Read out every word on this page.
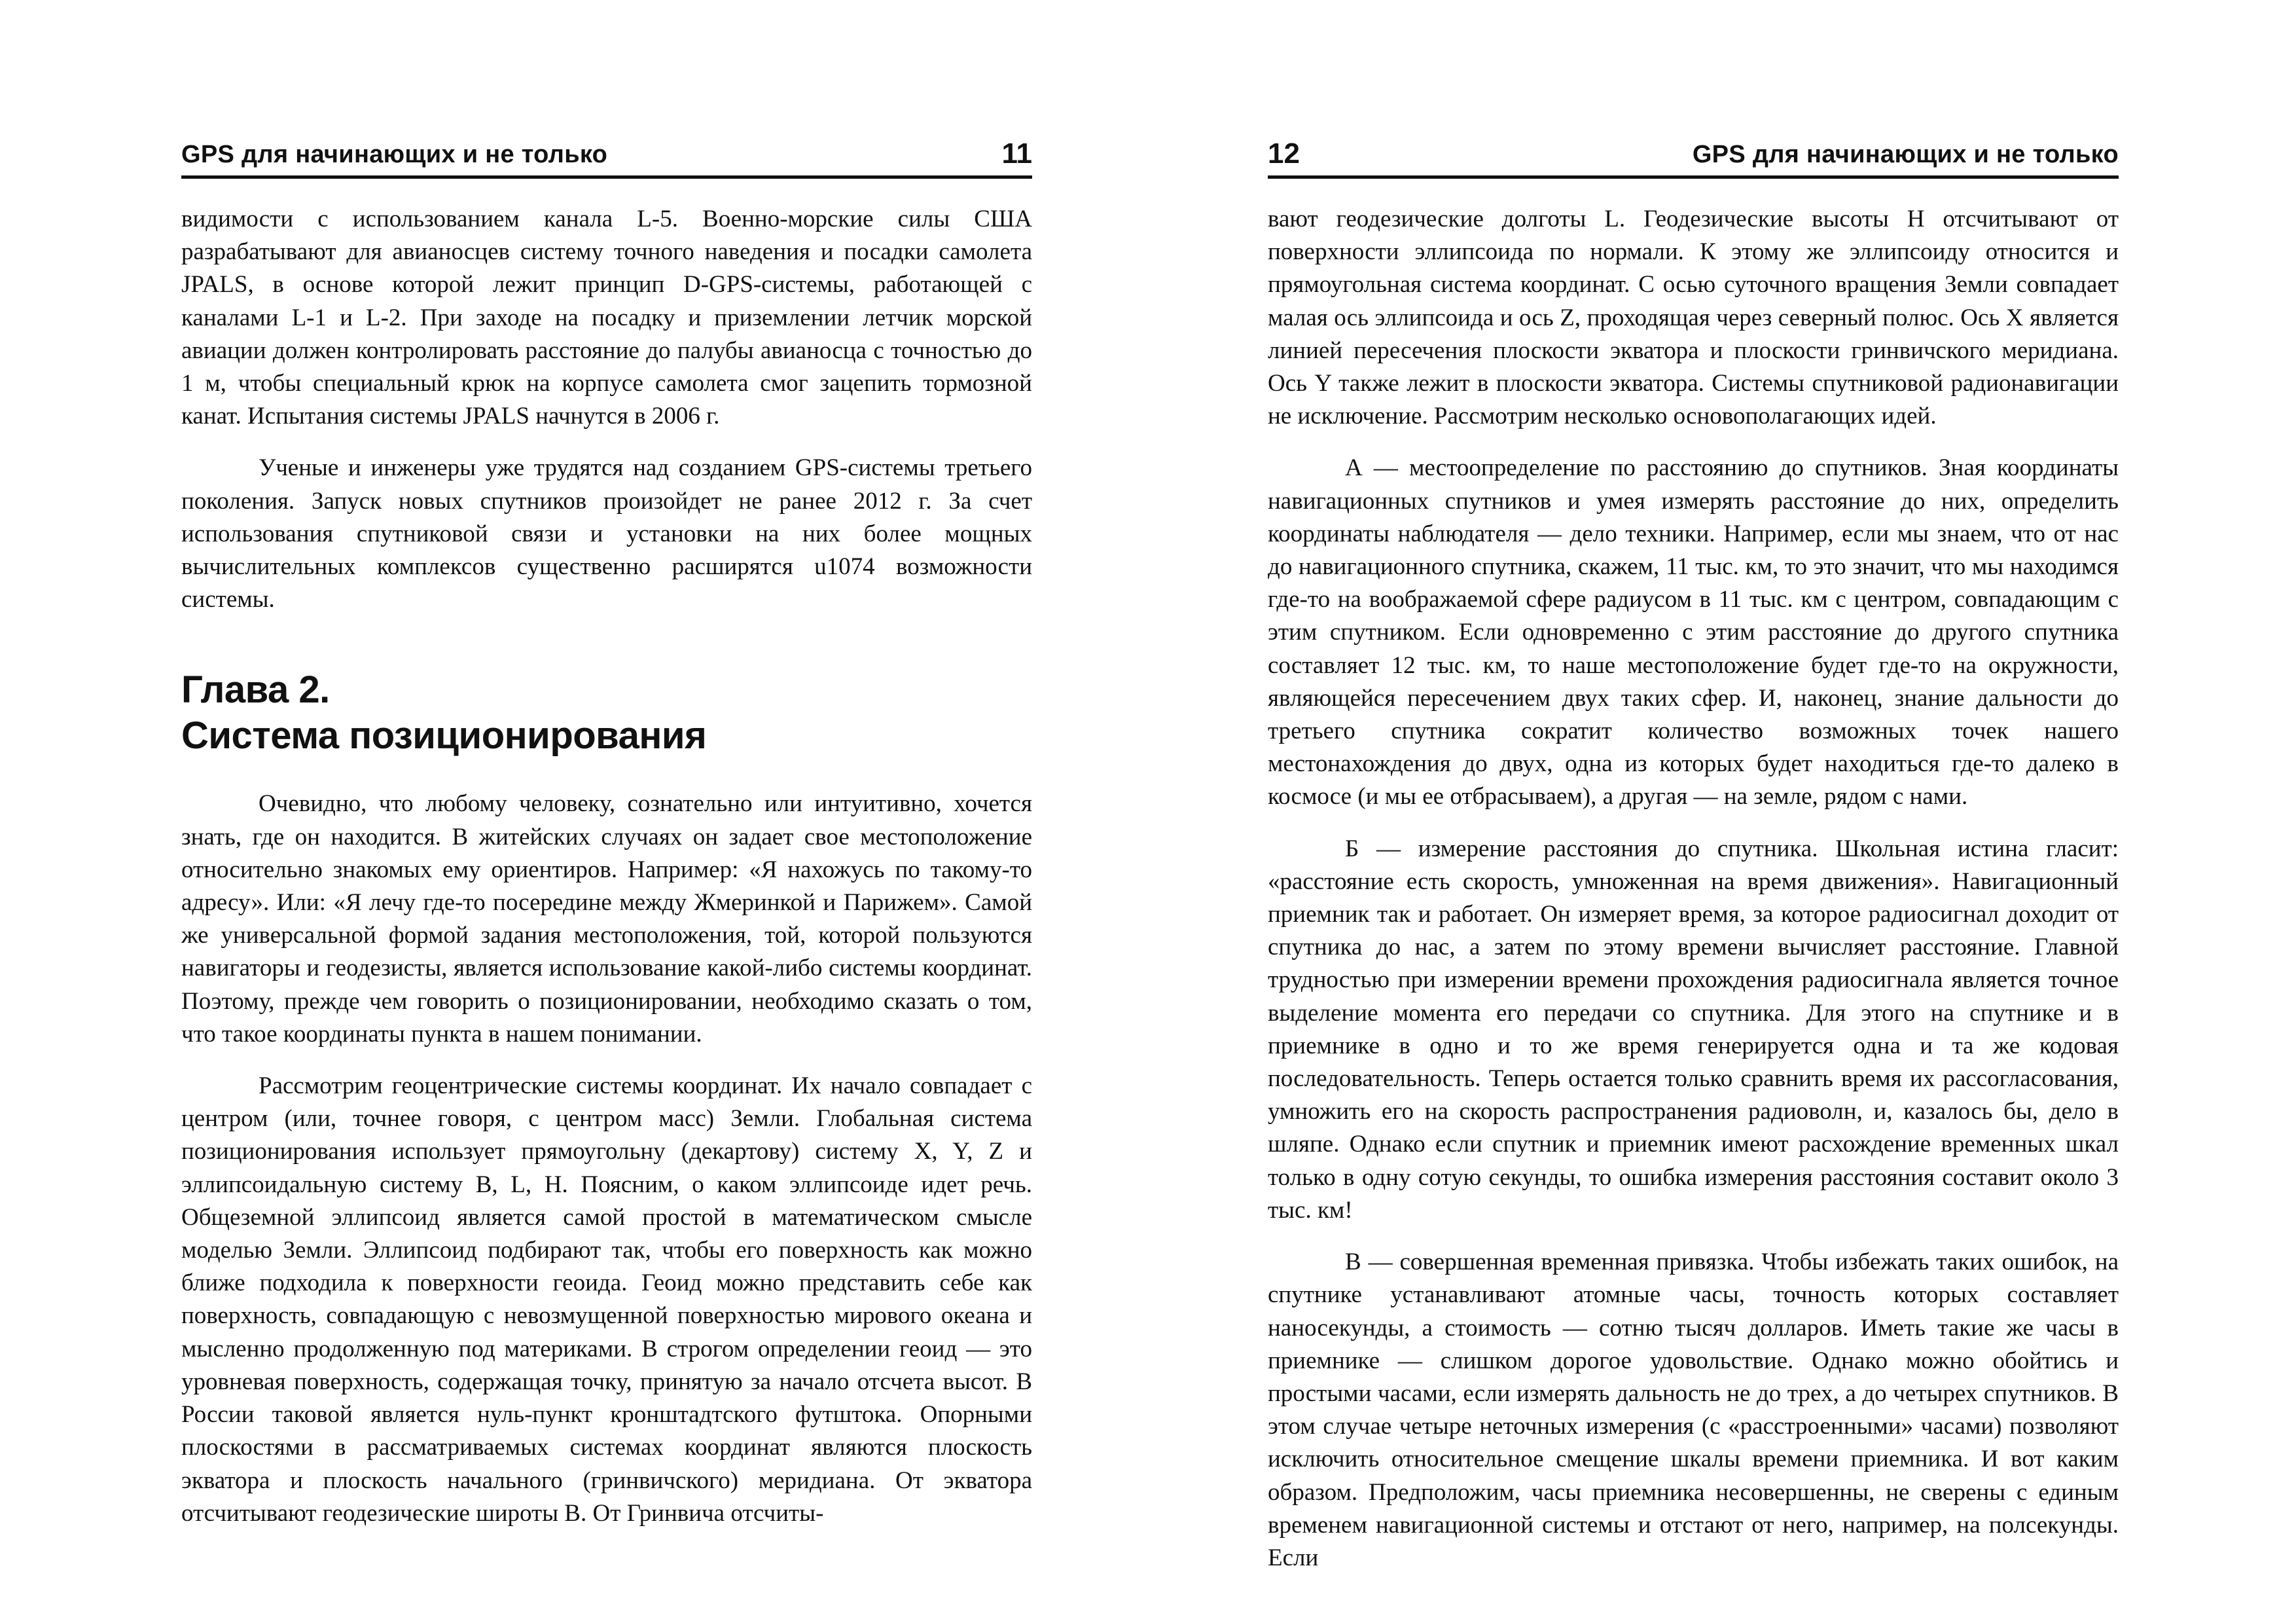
GPS для начинающих и не только	11

видимости с использованием канала L-5. Военно-морские силы США разрабатывают для авианосцев систему точного наведения и посадки самолета JPALS, в основе которой лежит принцип D-GPS-системы, работающей с каналами L-1 и L-2. При заходе на посадку и приземлении летчик морской авиации должен контролировать расстояние до палубы авианосца с точностью до 1 м, чтобы специальный крюк на корпусе самолета смог зацепить тормозной канат. Испытания системы JPALS начнутся в 2006 г.

Ученые и инженеры уже трудятся над созданием GPS-системы третьего поколения. Запуск новых спутников произойдет не ранее 2012 г. За счет использования спутниковой связи и установки на них более мощных вычислительных комплексов существенно расширятся u1074 возможности системы.

Глава 2.
Система позиционирования

Очевидно, что любому человеку, сознательно или интуитивно, хочется знать, где он находится. В житейских случаях он задает свое местоположение относительно знакомых ему ориентиров. Например: «Я нахожусь по такому-то адресу». Или: «Я лечу где-то посередине между Жмеринкой и Парижем». Самой же универсальной формой задания местоположения, той, которой пользуются навигаторы и геодезисты, является использование какой-либо системы координат. Поэтому, прежде чем говорить о позиционировании, необходимо сказать о том, что такое координаты пункта в нашем понимании.

Рассмотрим геоцентрические системы координат. Их начало совпадает с центром (или, точнее говоря, с центром масс) Земли. Глобальная система позиционирования использует прямоугольну (декартову) систему X, Y, Z и эллипсоидальную систему B, L, H. Поясним, о каком эллипсоиде идет речь. Общеземной эллипсоид является самой простой в математическом смысле моделью Земли. Эллипсоид подбирают так, чтобы его поверхность как можно ближе подходила к поверхности геоида. Геоид можно представить себе как поверхность, совпадающую с невозмущенной поверхностью мирового океана и мысленно продолженную под материками. В строгом определении геоид — это уровневая поверхность, содержащая точку, принятую за начало отсчета высот. В России таковой является нуль-пункт кронштадтского футштока. Опорными плоскостями в рассматриваемых системах координат являются плоскость экватора и плоскость начального (гринвичского) меридиана. От экватора отсчитывают геодезические широты B. От Гринвича отсчиты-

12	GPS для начинающих и не только

вают геодезические долготы L. Геодезические высоты H отсчитывают от поверхности эллипсоида по нормали. К этому же эллипсоиду относится и прямоугольная система координат. С осью суточного вращения Земли совпадает малая ось эллипсоида и ось Z, проходящая через северный полюс. Ось X является линией пересечения плоскости экватора и плоскости гринвичского меридиана. Ось Y также лежит в плоскости экватора. Системы спутниковой радионавигации не исключение. Рассмотрим несколько основополагающих идей.

А — местоопределение по расстоянию до спутников. Зная координаты навигационных спутников и умея измерять расстояние до них, определить координаты наблюдателя — дело техники. Например, если мы знаем, что от нас до навигационного спутника, скажем, 11 тыс. км, то это значит, что мы находимся где-то на воображаемой сфере радиусом в 11 тыс. км с центром, совпадающим с этим спутником. Если одновременно с этим расстояние до другого спутника составляет 12 тыс. км, то наше местоположение будет где-то на окружности, являющейся пересечением двух таких сфер. И, наконец, знание дальности до третьего спутника сократит количество возможных точек нашего местонахождения до двух, одна из которых будет находиться где-то далеко в космосе (и мы ее отбрасываем), а другая — на земле, рядом с нами.

Б — измерение расстояния до спутника. Школьная истина гласит: «расстояние есть скорость, умноженная на время движения». Навигационный приемник так и работает. Он измеряет время, за которое радиосигнал доходит от спутника до нас, а затем по этому времени вычисляет расстояние. Главной трудностью при измерении времени прохождения радиосигнала является точное выделение момента его передачи со спутника. Для этого на спутнике и в приемнике в одно и то же время генерируется одна и та же кодовая последовательность. Теперь остается только сравнить время их рассогласования, умножить его на скорость распространения радиоволн, и, казалось бы, дело в шляпе. Однако если спутник и приемник имеют расхождение временных шкал только в одну сотую секунды, то ошибка измерения расстояния составит около 3 тыс. км!

В — совершенная временная привязка. Чтобы избежать таких ошибок, на спутнике устанавливают атомные часы, точность которых составляет наносекунды, а стоимость — сотню тысяч долларов. Иметь такие же часы в приемнике — слишком дорогое удовольствие. Однако можно обойтись и простыми часами, если измерять дальность не до трех, а до четырех спутников. В этом случае четыре неточных измерения (с «расстроенными» часами) позволяют исключить относительное смещение шкалы времени приемника. И вот каким образом. Предположим, часы приемника несовершенны, не сверены с единым временем навигационной системы и отстают от него, например, на полсекунды. Если
